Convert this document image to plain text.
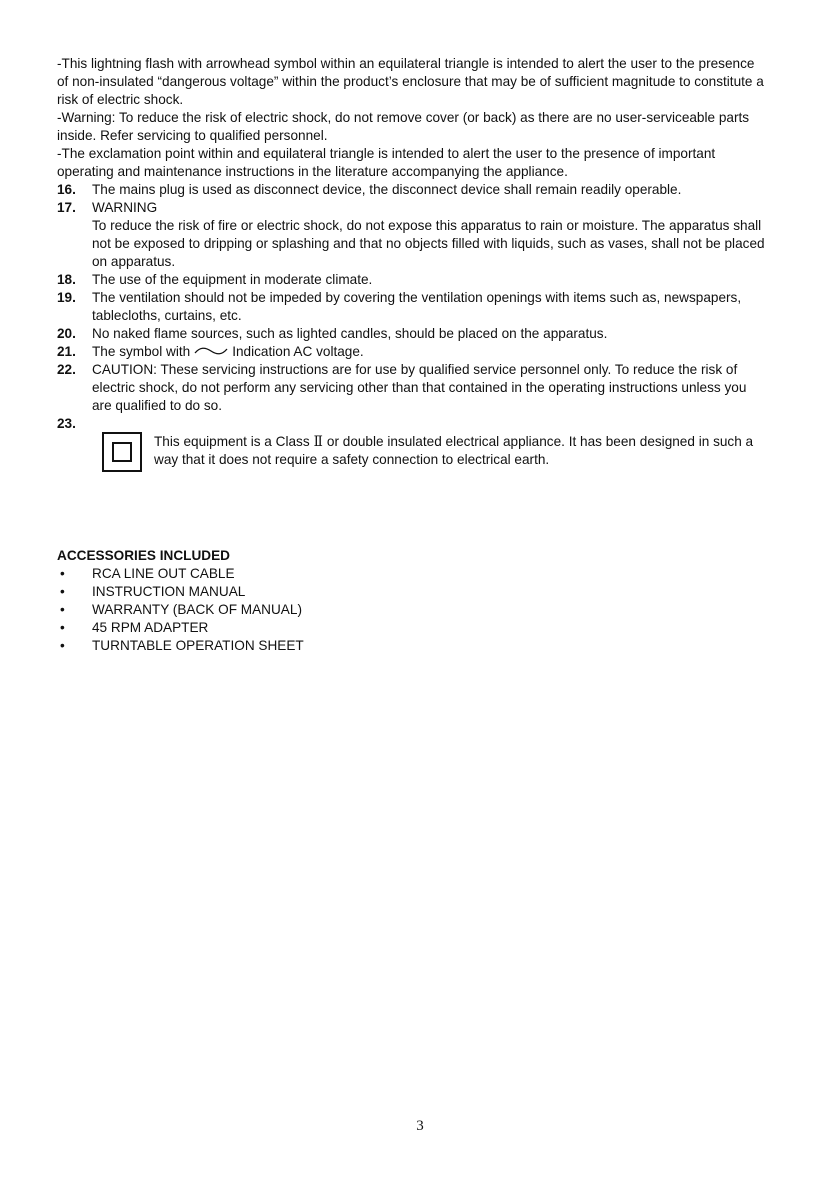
-This lightning flash with arrowhead symbol within an equilateral triangle is intended to alert the user to the presence of non-insulated “dangerous voltage” within the product’s enclosure that may be of sufficient magnitude to constitute a risk of electric shock.

-Warning: To reduce the risk of electric shock, do not remove cover (or back) as there are no user-serviceable parts inside. Refer servicing to qualified personnel.

-The exclamation point within and equilateral triangle is intended to alert the user to the presence of important operating and maintenance instructions in the literature accompanying the appliance.

16.	The mains plug is used as disconnect device, the disconnect device shall remain readily operable.
17.	WARNING
To reduce the risk of fire or electric shock, do not expose this apparatus to rain or moisture. The apparatus shall not be exposed to dripping or splashing and that no objects filled with liquids, such as vases, shall not be placed on apparatus.
18.	The use of the equipment in moderate climate.
19.	The ventilation should not be impeded by covering the ventilation openings with items such as, newspapers, tablecloths, curtains, etc.
20.	No naked flame sources, such as lighted candles, should be placed on the apparatus.
21.	The symbol with	Indication AC voltage.
22.	CAUTION: These servicing instructions are for use by qualified service personnel only. To reduce the risk of electric shock, do not perform any servicing other than that contained in the operating instructions unless you are qualified to do so.
23.
This equipment is a Class Ⅱ or double insulated electrical appliance. It has been designed in such a way that it does not require a safety connection to electrical earth.
ACCESSORIES INCLUDED
•	RCA LINE OUT CABLE
•	INSTRUCTION MANUAL
•	WARRANTY (BACK OF MANUAL)
•	45 RPM ADAPTER
•	TURNTABLE OPERATION SHEET
3
